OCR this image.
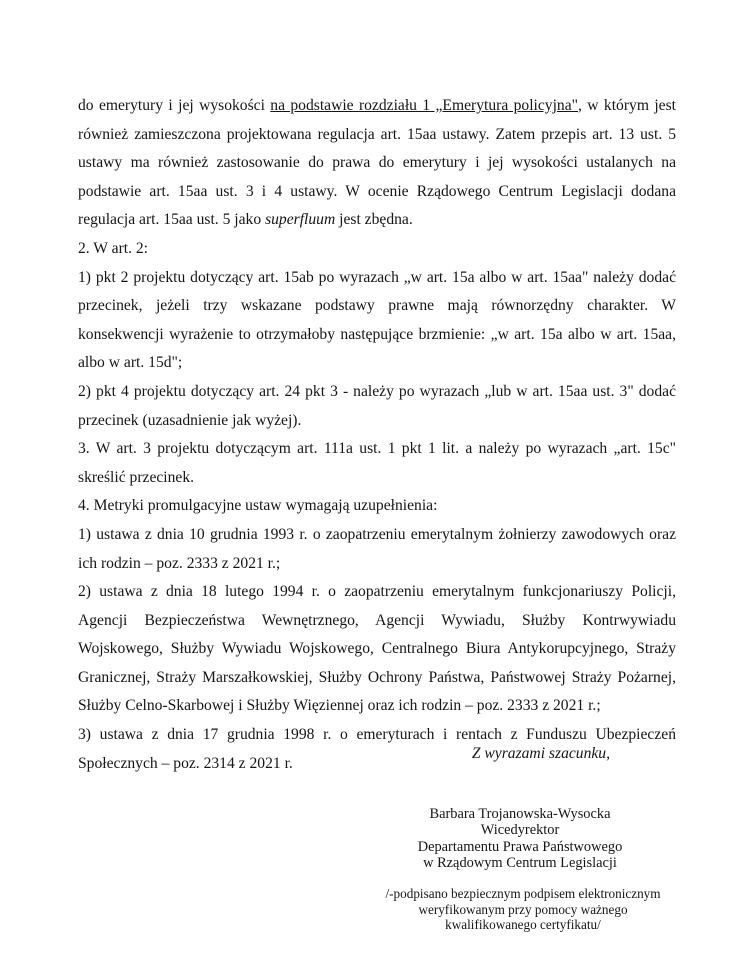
do emerytury i jej wysokości na podstawie rozdziału 1 „Emerytura policyjna", w którym jest również zamieszczona projektowana regulacja art. 15aa ustawy. Zatem przepis art. 13 ust. 5 ustawy ma również zastosowanie do prawa do emerytury i jej wysokości ustalanych na podstawie art. 15aa ust. 3 i 4 ustawy. W ocenie Rządowego Centrum Legislacji dodana regulacja art. 15aa ust. 5 jako superfluum jest zbędna.

2. W art. 2:

1) pkt 2 projektu dotyczący art. 15ab po wyrazach „w art. 15a albo w art. 15aa" należy dodać przecinek, jeżeli trzy wskazane podstawy prawne mają równorzędny charakter. W konsekwencji wyrażenie to otrzymałoby następujące brzmienie: „w art. 15a albo w art. 15aa, albo w art. 15d";

2) pkt 4 projektu dotyczący art. 24 pkt 3 - należy po wyrazach „lub w art. 15aa ust. 3" dodać przecinek (uzasadnienie jak wyżej).

3. W art. 3 projektu dotyczącym art. 111a ust. 1 pkt 1 lit. a należy po wyrazach „art. 15c" skreślić przecinek.

4. Metryki promulgacyjne ustaw wymagają uzupełnienia:

1) ustawa z dnia 10 grudnia 1993 r. o zaopatrzeniu emerytalnym żołnierzy zawodowych oraz ich rodzin – poz. 2333 z 2021 r.;

2) ustawa z dnia 18 lutego 1994 r. o zaopatrzeniu emerytalnym funkcjonariuszy Policji, Agencji Bezpieczeństwa Wewnętrznego, Agencji Wywiadu, Służby Kontrwywiadu Wojskowego, Służby Wywiadu Wojskowego, Centralnego Biura Antykorupcyjnego, Straży Granicznej, Straży Marszałkowskiej, Służby Ochrony Państwa, Państwowej Straży Pożarnej, Służby Celno-Skarbowej i Służby Więziennej oraz ich rodzin – poz. 2333 z 2021 r.;

3) ustawa z dnia 17 grudnia 1998 r. o emeryturach i rentach z Funduszu Ubezpieczeń Społecznych – poz. 2314 z 2021 r.

Z wyrazami szacunku,
Barbara Trojanowska-Wysocka
Wicedyrektor
Departamentu Prawa Państwowego
w Rządowym Centrum Legislacji
/-podpisano bezpiecznym podpisem elektronicznym
weryfikowanym przy pomocy ważnego
kwalifikowanego certyfikatu/
